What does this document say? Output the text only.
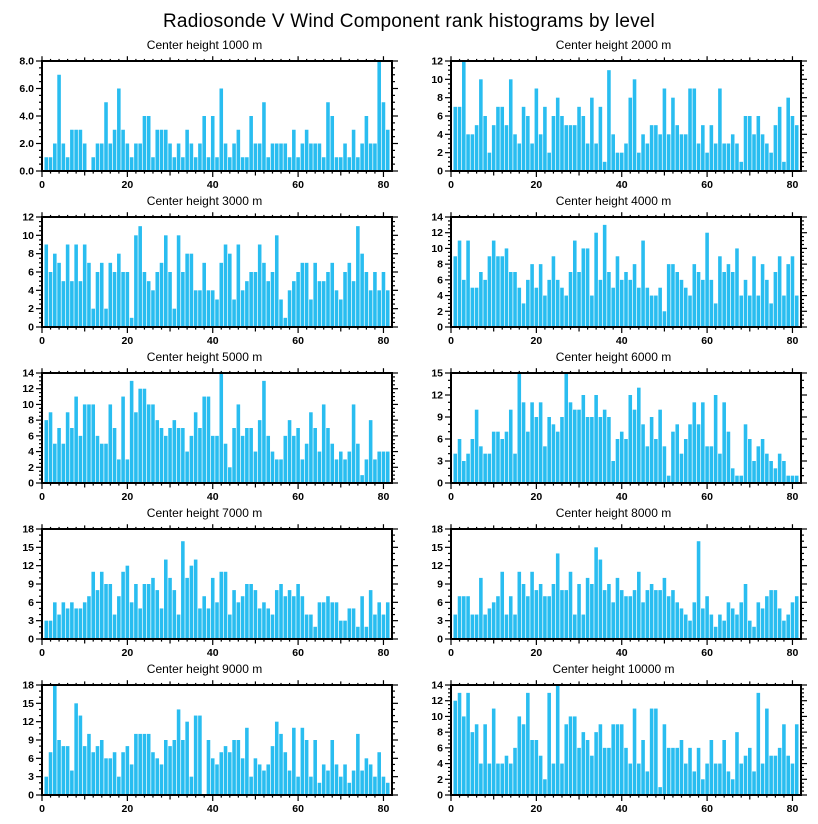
Radiosonde V Wind Component rank histograms by level
Center height 1000 m
0.0
2.0
4.0
6.0
8.0
0	20	40	60	80
Center height 2000 m
0
2
4
6
8
10
12
0	20	40	60	80
Center height 3000 m
0
2
4
6
8
10
12
0	20	40	60	80
Center height 4000 m
0
2
4
6
8
10
12
14
0	20	40	60	80
Center height 5000 m
0
2
4
6
8
10
12
14
0	20	40	60	80
Center height 6000 m
0
3
6
9
12
15
0	20	40	60	80
Center height 7000 m
0
3
6
9
12
15
18
0	20	40	60	80
Center height 8000 m
0
3
6
9
12
15
18
0	20	40	60	80
Center height 9000 m
0
3
6
9
12
15
18
0	20	40	60	80
Center height 10000 m
0
2
4
6
8
10
12
14
0	20	40	60	80
